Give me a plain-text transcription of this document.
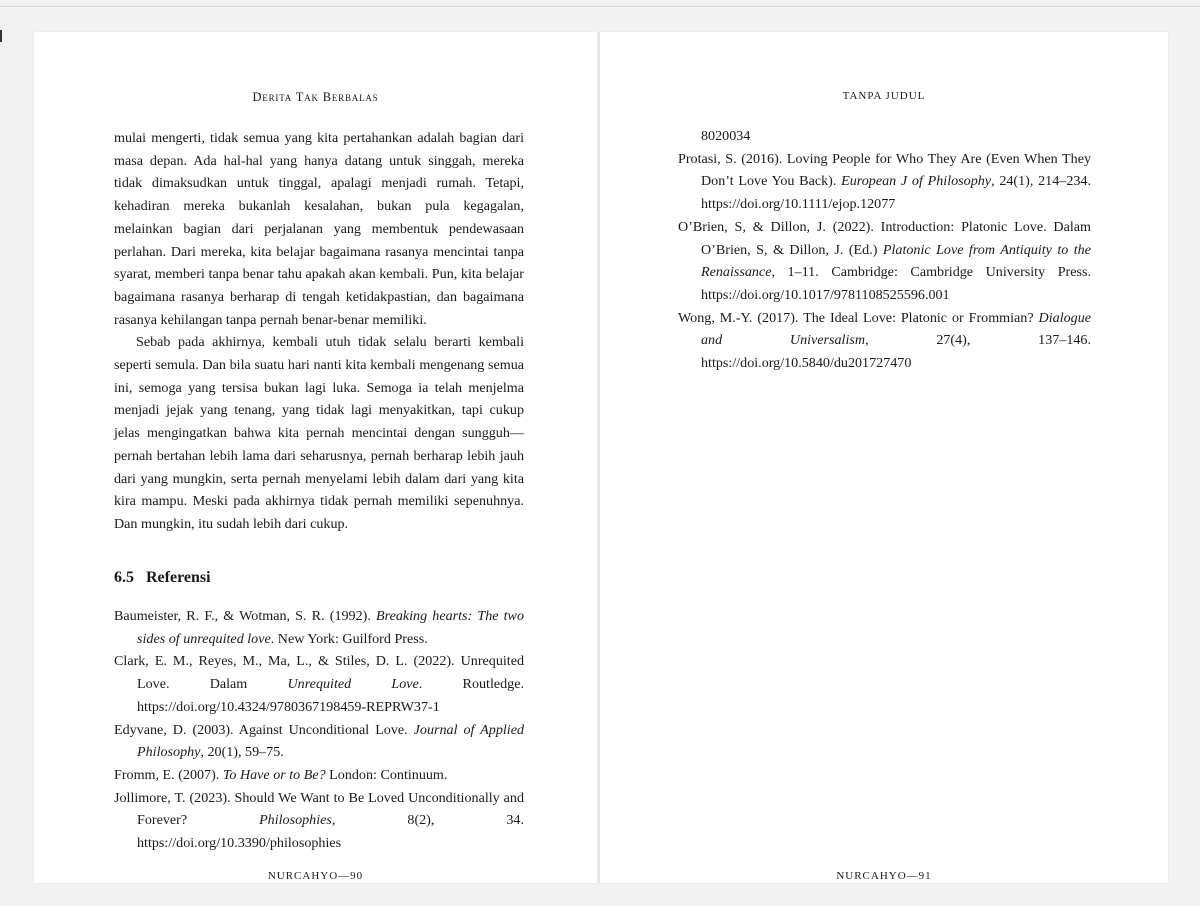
Derita Tak Berbalas

mulai mengerti, tidak semua yang kita pertahankan adalah bagian dari masa depan. Ada hal-hal yang hanya datang untuk singgah, mereka tidak dimaksudkan untuk tinggal, apalagi menjadi rumah. Tetapi, kehadiran mereka bukanlah kesalahan, bukan pula kegagalan, melainkan bagian dari perjalanan yang membentuk pendewasaan perlahan. Dari mereka, kita belajar bagaimana rasanya mencintai tanpa syarat, memberi tanpa benar tahu apakah akan kembali. Pun, kita belajar bagaimana rasanya berharap di tengah ketidakpastian, dan bagaimana rasanya kehilangan tanpa pernah benar-benar memiliki.

Sebab pada akhirnya, kembali utuh tidak selalu berarti kembali seperti semula. Dan bila suatu hari nanti kita kembali mengenang semua ini, semoga yang tersisa bukan lagi luka. Semoga ia telah menjelma menjadi jejak yang tenang, yang tidak lagi menyakitkan, tapi cukup jelas mengingatkan bahwa kita pernah mencintai dengan sungguh—pernah bertahan lebih lama dari seharusnya, pernah berharap lebih jauh dari yang mungkin, serta pernah menyelami lebih dalam dari yang kita kira mampu. Meski pada akhirnya tidak pernah memiliki sepenuhnya. Dan mungkin, itu sudah lebih dari cukup.

6.5 Referensi
Baumeister, R. F., & Wotman, S. R. (1992). Breaking hearts: The two sides of unrequited love. New York: Guilford Press.
Clark, E. M., Reyes, M., Ma, L., & Stiles, D. L. (2022). Unrequited Love. Dalam Unrequited Love. Routledge. https://doi.org/10.4324/9780367198459-REPRW37-1
Edyvane, D. (2003). Against Unconditional Love. Journal of Applied Philosophy, 20(1), 59–75.
Fromm, E. (2007). To Have or to Be? London: Continuum.
Jollimore, T. (2023). Should We Want to Be Loved Unconditionally and Forever? Philosophies, 8(2), 34. https://doi.org/10.3390/philosophies
NURCAHYO—90
TANPA JUDUL
8020034
Protasi, S. (2016). Loving People for Who They Are (Even When They Don’t Love You Back). European J of Philosophy, 24(1), 214–234. https://doi.org/10.1111/ejop.12077
O’Brien, S, & Dillon, J. (2022). Introduction: Platonic Love. Dalam O’Brien, S, & Dillon, J. (Ed.) Platonic Love from Antiquity to the Renaissance, 1–11. Cambridge: Cambridge University Press. https://doi.org/10.1017/9781108525596.001
Wong, M.-Y. (2017). The Ideal Love: Platonic or Frommian? Dialogue and Universalism, 27(4), 137–146. https://doi.org/10.5840/du201727470
NURCAHYO—91
